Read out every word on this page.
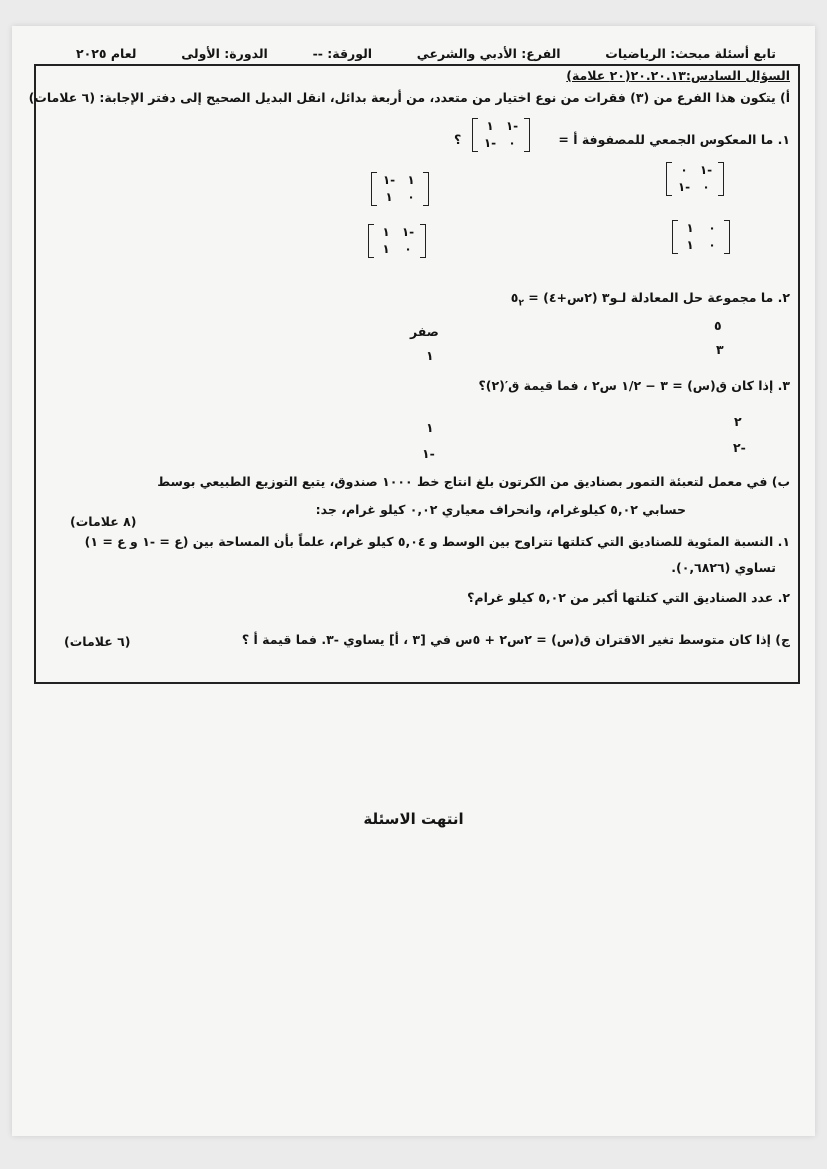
تابع أسئلة مبحث: الرياضيات
الفرع: الأدبي والشرعي
الورقة: --
الدورة: الأولى
لعام ٢٠٢٥
السؤال السادس:٢٠.٢٠.١٣(٢٠ علامة)
أ) يتكون هذا الفرع من (٣) فقرات من نوع اختيار من متعدد، من أربعة بدائل، انقل البديل الصحيح إلى دفتر الإجابة: (٦ علامات)
١. ما المعكوس الجمعي للمصفوفة أ =
١	١-
١-	٠
؟
٠	١-
١-	٠
١-	١
١	٠
١	٠
١	٠
١	١-
١	٠
٢. ما مجموعة حل المعادلة لـو٣ (٢س+٤) = $٥_٢$
٥
صفر
٣
١
٣. إذا كان ق(س) = ٣ − ١/٢ س٢ ، فما قيمة ق′(٢)؟
٢
١
٢-
١-
ب) في معمل لتعبئة التمور بصناديق من الكرتون بلغ انتاج خط ١٠٠٠ صندوق، يتبع التوزيع الطبيعي بوسط
حسابي ٥,٠٢ كيلوغرام، وانحراف معياري ٠,٠٢ كيلو غرام، جد:
(٨ علامات)
١. النسبة المئوية للصناديق التي كتلتها تتراوح بين الوسط و ٥,٠٤ كيلو غرام، علماً بأن المساحة بين (ع = -١ و ع = ١)
تساوي (٠,٦٨٢٦).
٢. عدد الصناديق التي كتلتها أكبر من ٥,٠٢ كيلو غرام؟
ج) إذا كان متوسط تغير الاقتران ق(س) = ٢س٢ + ٥س في [٣ ، أ] يساوي -٣. فما قيمة أ ؟
(٦ علامات)
انتهت الاسئلة
